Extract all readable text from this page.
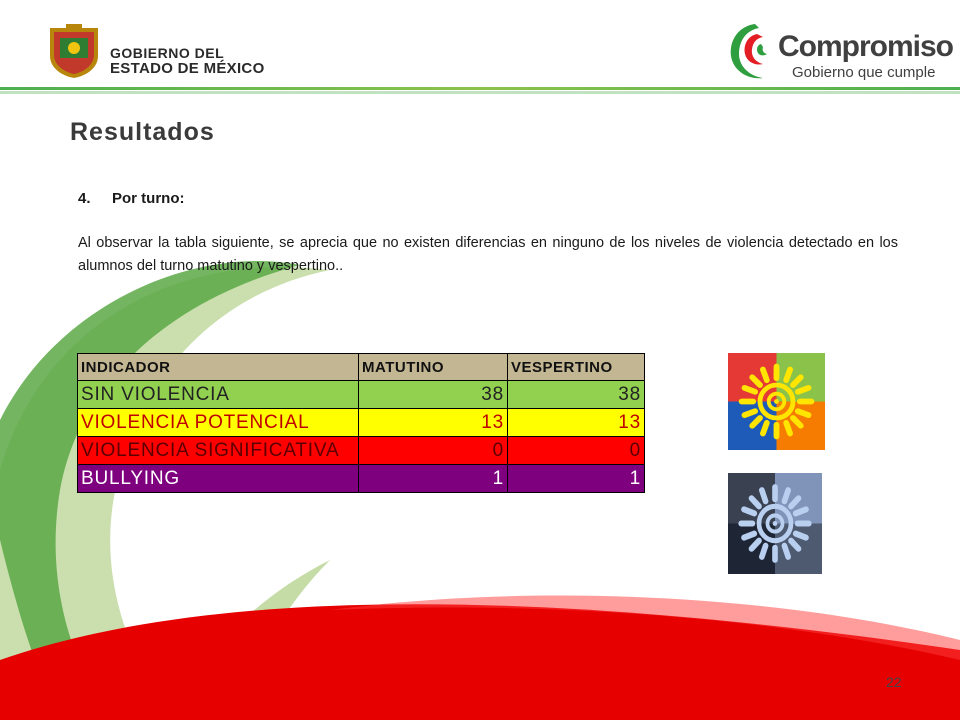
GOBIERNO DEL
ESTADO DE MÉXICO
Compromiso
Gobierno que cumple
Resultados
4. Por turno:
Al observar la tabla siguiente, se aprecia que no existen diferencias en ninguno de los niveles de violencia detectado en los alumnos del turno matutino y vespertino..
INDICADOR	MATUTINO	VESPERTINO
SIN VIOLENCIA	38	38
VIOLENCIA POTENCIAL	13	13
VIOLENCIA SIGNIFICATIVA	0	0
BULLYING	1	1
22
